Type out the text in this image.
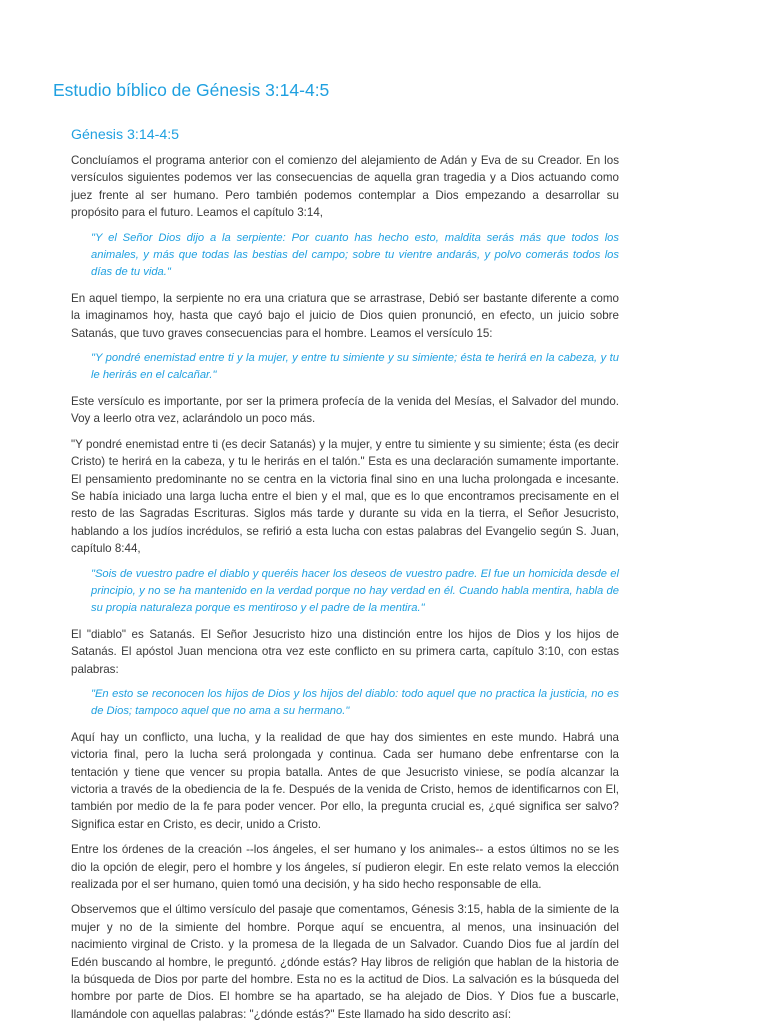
Estudio bíblico de Génesis 3:14-4:5
Génesis 3:14-4:5

Concluíamos el programa anterior con el comienzo del alejamiento de Adán y Eva de su Creador. En los versículos siguientes podemos ver las consecuencias de aquella gran tragedia y a Dios actuando como juez frente al ser humano. Pero también podemos contemplar a Dios empezando a desarrollar su propósito para el futuro. Leamos el capítulo 3:14,

"Y el Señor Dios dijo a la serpiente: Por cuanto has hecho esto, maldita serás más que todos los animales, y más que todas las bestias del campo; sobre tu vientre andarás, y polvo comerás todos los días de tu vida."

En aquel tiempo, la serpiente no era una criatura que se arrastrase, Debió ser bastante diferente a como la imaginamos hoy, hasta que cayó bajo el juicio de Dios quien pronunció, en efecto, un juicio sobre Satanás, que tuvo graves consecuencias para el hombre. Leamos el versículo 15:

"Y pondré enemistad entre ti y la mujer, y entre tu simiente y su simiente; ésta te herirá en la cabeza, y tu le herirás en el calcañar."

Este versículo es importante, por ser la primera profecía de la venida del Mesías, el Salvador del mundo. Voy a leerlo otra vez, aclarándolo un poco más.

"Y pondré enemistad entre ti (es decir Satanás) y la mujer, y entre tu simiente y su simiente; ésta (es decir Cristo) te herirá en la cabeza, y tu le herirás en el talón." Esta es una declaración sumamente importante. El pensamiento predominante no se centra en la victoria final sino en una lucha prolongada e incesante. Se había iniciado una larga lucha entre el bien y el mal, que es lo que encontramos precisamente en el resto de las Sagradas Escrituras. Siglos más tarde y durante su vida en la tierra, el Señor Jesucristo, hablando a los judíos incrédulos, se refirió a esta lucha con estas palabras del Evangelio según S. Juan, capítulo 8:44,

"Sois de vuestro padre el diablo y queréis hacer los deseos de vuestro padre. El fue un homicida desde el principio, y no se ha mantenido en la verdad porque no hay verdad en él. Cuando habla mentira, habla de su propia naturaleza porque es mentiroso y el padre de la mentira."

El "diablo" es Satanás. El Señor Jesucristo hizo una distinción entre los hijos de Dios y los hijos de Satanás. El apóstol Juan menciona otra vez este conflicto en su primera carta, capítulo 3:10, con estas palabras:

"En esto se reconocen los hijos de Dios y los hijos del diablo: todo aquel que no practica la justicia, no es de Dios; tampoco aquel que no ama a su hermano."

Aquí hay un conflicto, una lucha, y la realidad de que hay dos simientes en este mundo. Habrá una victoria final, pero la lucha será prolongada y continua. Cada ser humano debe enfrentarse con la tentación y tiene que vencer su propia batalla. Antes de que Jesucristo viniese, se podía alcanzar la victoria a través de la obediencia de la fe. Después de la venida de Cristo, hemos de identificarnos con El, también por medio de la fe para poder vencer. Por ello, la pregunta crucial es, ¿qué significa ser salvo? Significa estar en Cristo, es decir, unido a Cristo.

Entre los órdenes de la creación --los ángeles, el ser humano y los animales-- a estos últimos no se les dio la opción de elegir, pero el hombre y los ángeles, sí pudieron elegir. En este relato vemos la elección realizada por el ser humano, quien tomó una decisión, y ha sido hecho responsable de ella.

Observemos que el último versículo del pasaje que comentamos, Génesis 3:15, habla de la simiente de la mujer y no de la simiente del hombre. Porque aquí se encuentra, al menos, una insinuación del nacimiento virginal de Cristo. y la promesa de la llegada de un Salvador. Cuando Dios fue al jardín del Edén buscando al hombre, le preguntó. ¿dónde estás? Hay libros de religión que hablan de la historia de la búsqueda de Dios por parte del hombre. Esta no es la actitud de Dios. La salvación es la búsqueda del hombre por parte de Dios. El hombre se ha apartado, se ha alejado de Dios. Y Dios fue a buscarle, llamándole con aquellas palabras: "¿dónde estás?" Este llamado ha sido descrito así:
